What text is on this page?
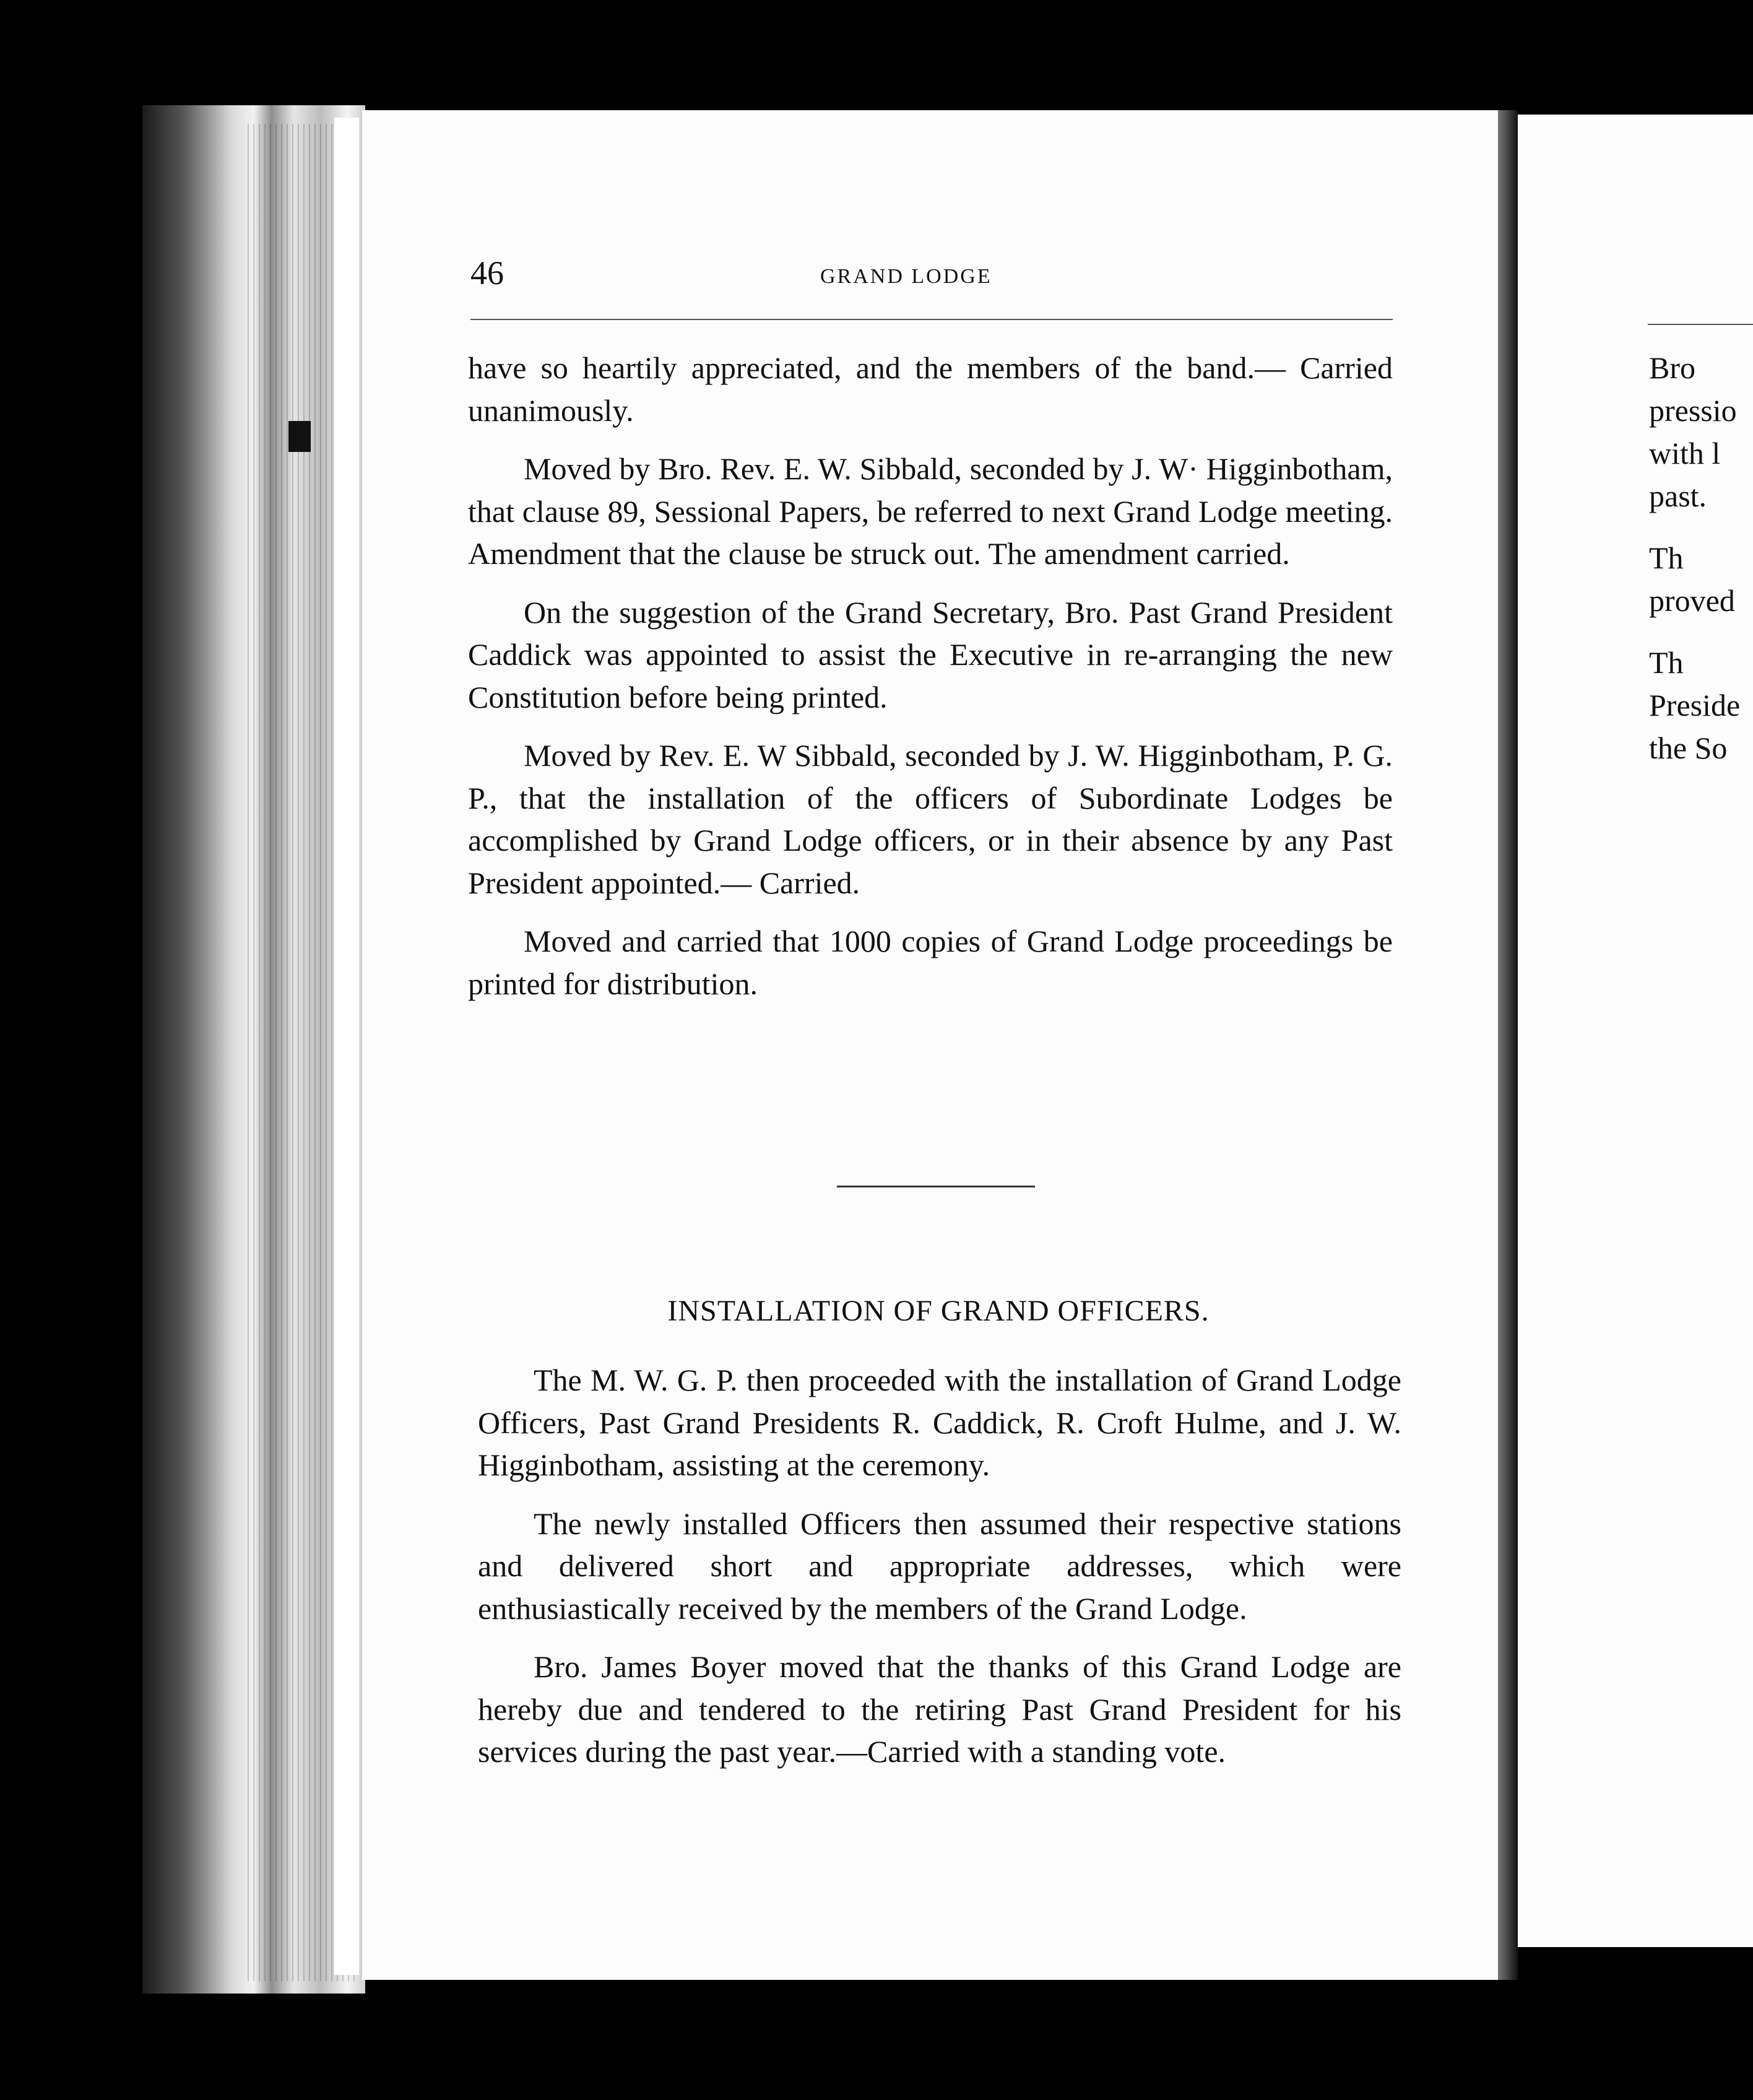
46	GRAND LODGE

have so heartily appreciated, and the members of the band.— Carried unanimously.

Moved by Bro. Rev. E. W. Sibbald, seconded by J. W· Higginbotham, that clause 89, Sessional Papers, be referred to next Grand Lodge meeting. Amendment that the clause be struck out. The amendment carried.

On the suggestion of the Grand Secretary, Bro. Past Grand President Caddick was appointed to assist the Executive in re-arranging the new Constitution before being printed.

Moved by Rev. E. W Sibbald, seconded by J. W. Higginbotham, P. G. P., that the installation of the officers of Subordinate Lodges be accomplished by Grand Lodge officers, or in their absence by any Past President appointed.— Carried.

Moved and carried that 1000 copies of Grand Lodge proceedings be printed for distribution.

INSTALLATION OF GRAND OFFICERS.

The M. W. G. P. then proceeded with the installation of Grand Lodge Officers, Past Grand Presidents R. Caddick, R. Croft Hulme, and J. W. Higginbotham, assisting at the ceremony.

The newly installed Officers then assumed their respective stations and delivered short and appropriate addresses, which were enthusiastically received by the members of the Grand Lodge.

Bro. James Boyer moved that the thanks of this Grand Lodge are hereby due and tendered to the retiring Past Grand President for his services during the past year.—Carried with a standing vote.

Bro
pressio
with l
past.
Th
proved
Th
Preside
the So
